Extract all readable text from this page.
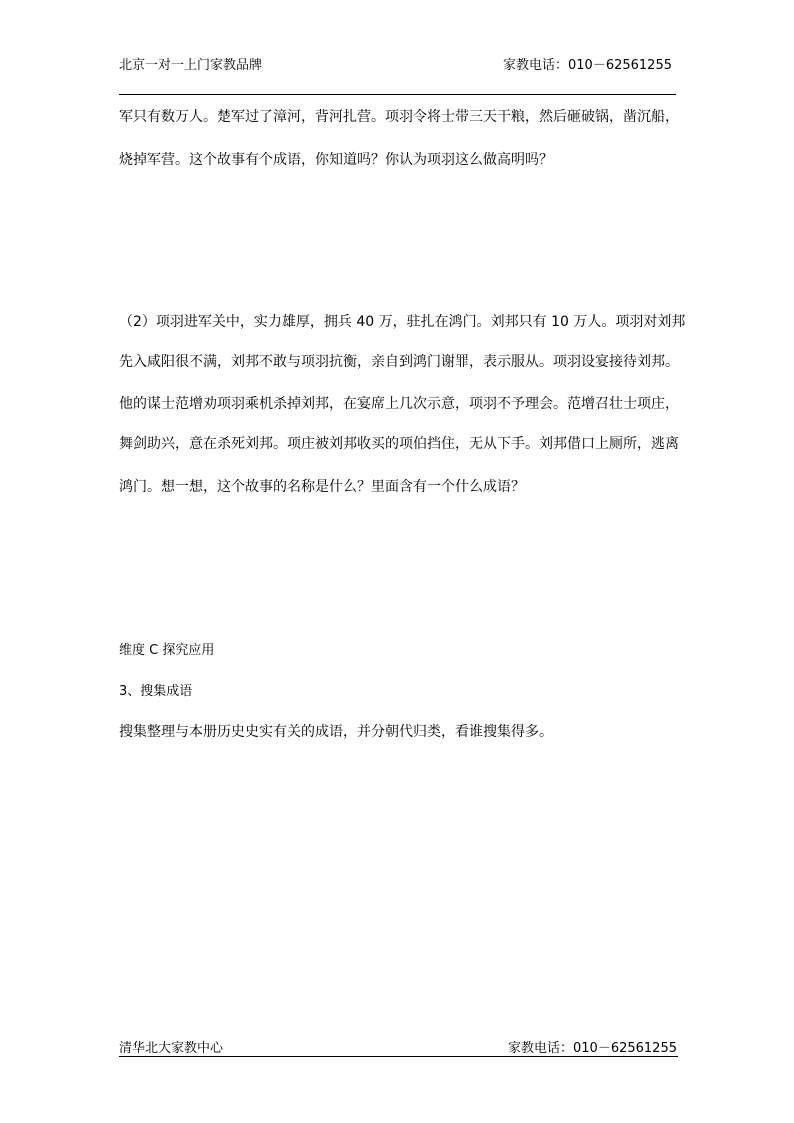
北京一对一上门家教品牌	家教电话：010－62561255
军只有数万人。楚军过了漳河，背河扎营。项羽令将士带三天干粮，然后砸破锅，凿沉船，
烧掉军营。这个故事有个成语，你知道吗？你认为项羽这么做高明吗？
（2）项羽进军关中，实力雄厚，拥兵 40 万，驻扎在鸿门。刘邦只有 10 万人。项羽对刘邦
先入咸阳很不满，刘邦不敢与项羽抗衡，亲自到鸿门谢罪，表示服从。项羽设宴接待刘邦。
他的谋士范增劝项羽乘机杀掉刘邦，在宴席上几次示意，项羽不予理会。范增召壮士项庄，
舞剑助兴，意在杀死刘邦。项庄被刘邦收买的项伯挡住，无从下手。刘邦借口上厕所，逃离
鸿门。想一想，这个故事的名称是什么？里面含有一个什么成语？
维度 C 探究应用
3、搜集成语
搜集整理与本册历史史实有关的成语，并分朝代归类，看谁搜集得多。
清华北大家教中心	家教电话：010－62561255
